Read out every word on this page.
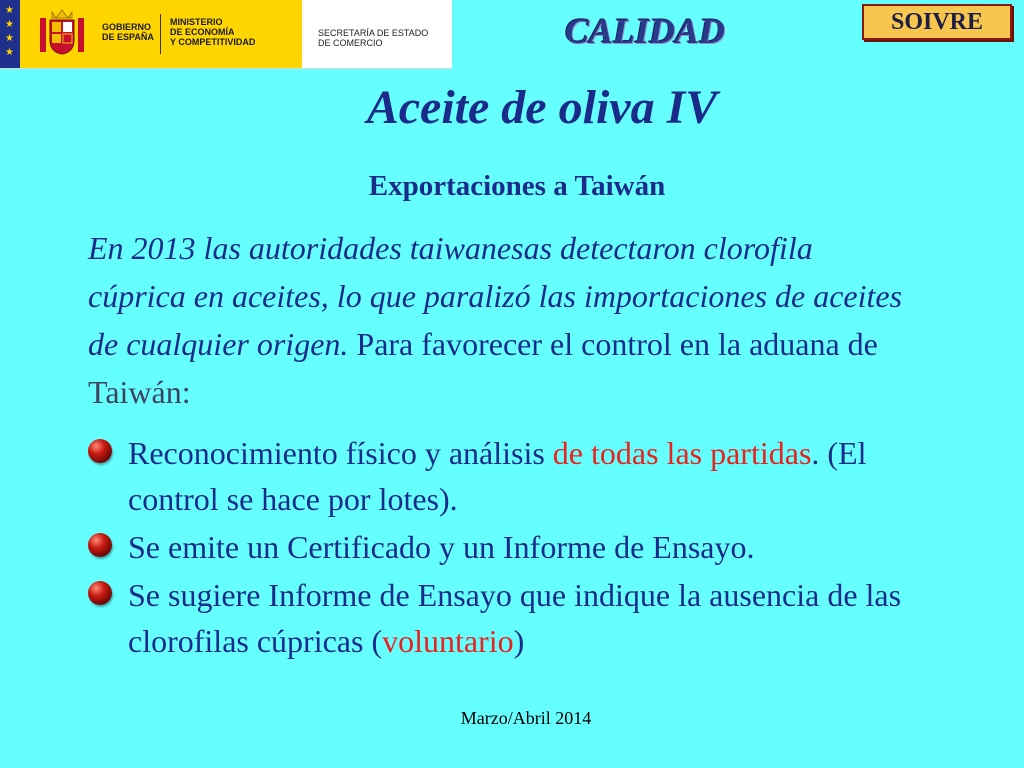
★
★
★
★
GOBIERNO
DE ESPAÑA
MINISTERIO
DE ECONOMÍA
Y COMPETITIVIDAD
SECRETARÍA DE ESTADO
DE COMERCIO	CALIDAD	SOIVRE
Aceite de oliva IV
Exportaciones a Taiwán
En 2013 las autoridades taiwanesas detectaron clorofila cúprica en aceites, lo que paralizó las importaciones de aceites de cualquier origen. Para favorecer el control en la aduana de Taiwán:
Reconocimiento físico y análisis de todas las partidas. (El control se hace por lotes).
Se emite un Certificado y un Informe de Ensayo.
Se sugiere Informe de Ensayo que indique la ausencia de las clorofilas cúpricas (voluntario)
Marzo/Abril 2014
